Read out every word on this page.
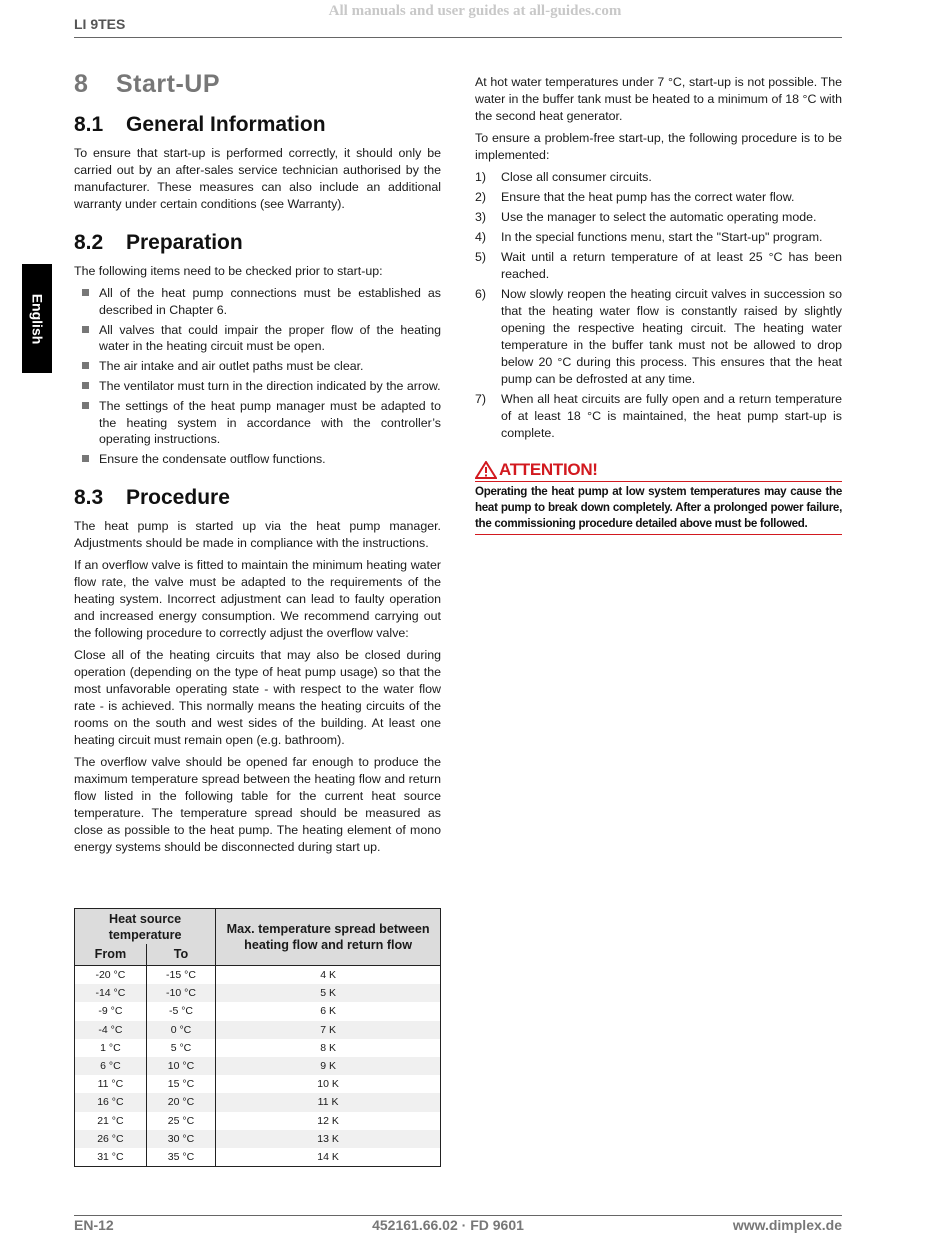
All manuals and user guides at all-guides.com
LI 9TES
English
8 Start-UP
8.1 General Information

To ensure that start-up is performed correctly, it should only be carried out by an after-sales service technician authorised by the manufacturer. These measures can also include an additional warranty under certain conditions (see Warranty).

8.2 Preparation

The following items need to be checked prior to start-up:

All of the heat pump connections must be established as described in Chapter 6.
All valves that could impair the proper flow of the heating water in the heating circuit must be open.
The air intake and air outlet paths must be clear.
The ventilator must turn in the direction indicated by the arrow.
The settings of the heat pump manager must be adapted to the heating system in accordance with the controller’s operating instructions.
Ensure the condensate outflow functions.
8.3 Procedure

The heat pump is started up via the heat pump manager. Adjustments should be made in compliance with the instructions.

If an overflow valve is fitted to maintain the minimum heating water flow rate, the valve must be adapted to the requirements of the heating system. Incorrect adjustment can lead to faulty operation and increased energy consumption. We recommend carrying out the following procedure to correctly adjust the overflow valve:

Close all of the heating circuits that may also be closed during operation (depending on the type of heat pump usage) so that the most unfavorable operating state - with respect to the water flow rate - is achieved. This normally means the heating circuits of the rooms on the south and west sides of the building. At least one heating circuit must remain open (e.g. bathroom).

The overflow valve should be opened far enough to produce the maximum temperature spread between the heating flow and return flow listed in the following table for the current heat source temperature. The temperature spread should be measured as close as possible to the heat pump. The heating element of mono energy systems should be disconnected during start up.

Heat source temperature		Max. temperature spread between heating flow and return flow
From	To	
-20 °C	-15 °C	4 K
-14 °C	-10 °C	5 K
-9 °C	-5 °C	6 K
-4 °C	0 °C	7 K
1 °C	5 °C	8 K
6 °C	10 °C	9 K
11 °C	15 °C	10 K
16 °C	20 °C	11 K
21 °C	25 °C	12 K
26 °C	30 °C	13 K
31 °C	35 °C	14 K

At hot water temperatures under 7 °C, start-up is not possible. The water in the buffer tank must be heated to a minimum of 18 °C with the second heat generator.

To ensure a problem-free start-up, the following procedure is to be implemented:

1) Close all consumer circuits.
2) Ensure that the heat pump has the correct water flow.
3) Use the manager to select the automatic operating mode.
4) In the special functions menu, start the "Start-up" program.
5) Wait until a return temperature of at least 25 °C has been reached.
6) Now slowly reopen the heating circuit valves in succession so that the heating water flow is constantly raised by slightly opening the respective heating circuit. The heating water temperature in the buffer tank must not be allowed to drop below 20 °C during this process. This ensures that the heat pump can be defrosted at any time.
7) When all heat circuits are fully open and a return temperature of at least 18 °C is maintained, the heat pump start-up is complete.
ATTENTION!
Operating the heat pump at low system temperatures may cause the heat pump to break down completely. After a prolonged power failure, the commissioning procedure detailed above must be followed.
EN-12	452161.66.02 · FD 9601	www.dimplex.de
